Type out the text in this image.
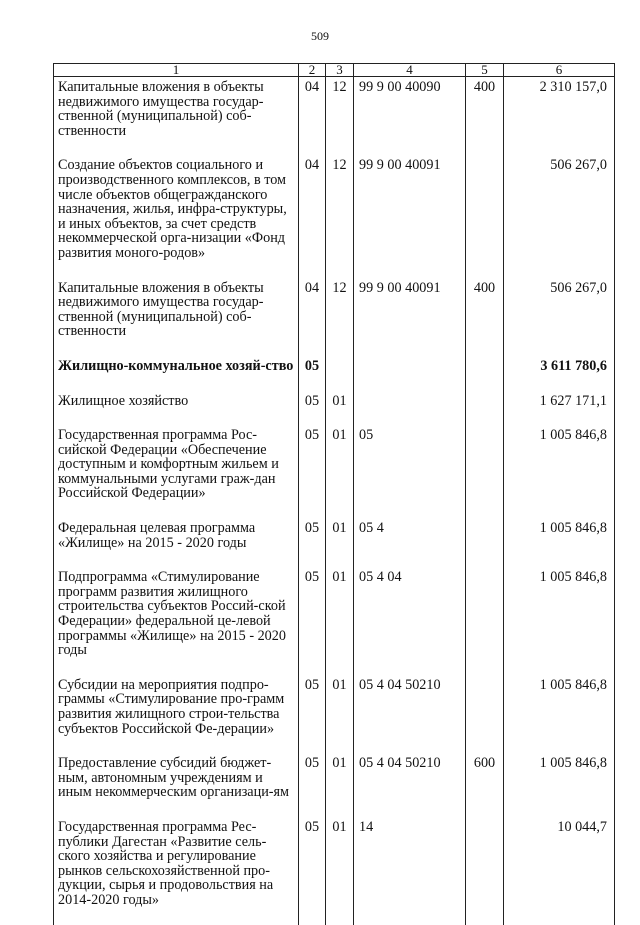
509
1	2	3	4	5	6
Капитальные вложения в объекты недвижимого имущества государ-ственной (муниципальной) соб-ственности	04	12	99 9 00 40090	400	2 310 157,0
Создание объектов социального и производственного комплексов, в том числе объектов общегражданского назначения, жилья, инфра-структуры, и иных объектов, за счет средств некоммерческой орга-низации «Фонд развития моного-родов»	04	12	99 9 00 40091		506 267,0
Капитальные вложения в объекты недвижимого имущества государ-ственной (муниципальной) соб-ственности	04	12	99 9 00 40091	400	506 267,0
Жилищно-коммунальное хозяй-ство	05				3 611 780,6
Жилищное хозяйство	05	01			1 627 171,1
Государственная программа Рос-сийской Федерации «Обеспечение доступным и комфортным жильем и коммунальными услугами граж-дан Российской Федерации»	05	01	05		1 005 846,8
Федеральная целевая программа «Жилище» на 2015 - 2020 годы	05	01	05 4		1 005 846,8
Подпрограмма «Стимулирование программ развития жилищного строительства субъектов Россий-ской Федерации» федеральной це-левой программы «Жилище» на 2015 - 2020 годы	05	01	05 4 04		1 005 846,8
Субсидии на мероприятия подпро-граммы «Стимулирование про-грамм развития жилищного строи-тельства субъектов Российской Фе-дерации»	05	01	05 4 04 50210		1 005 846,8
Предоставление субсидий бюджет-ным, автономным учреждениям и иным некоммерческим организаци-ям	05	01	05 4 04 50210	600	1 005 846,8
Государственная программа Рес-публики Дагестан «Развитие сель-ского хозяйства и регулирование рынков сельскохозяйственной про-дукции, сырья и продовольствия на 2014-2020 годы»	05	01	14		10 044,7
